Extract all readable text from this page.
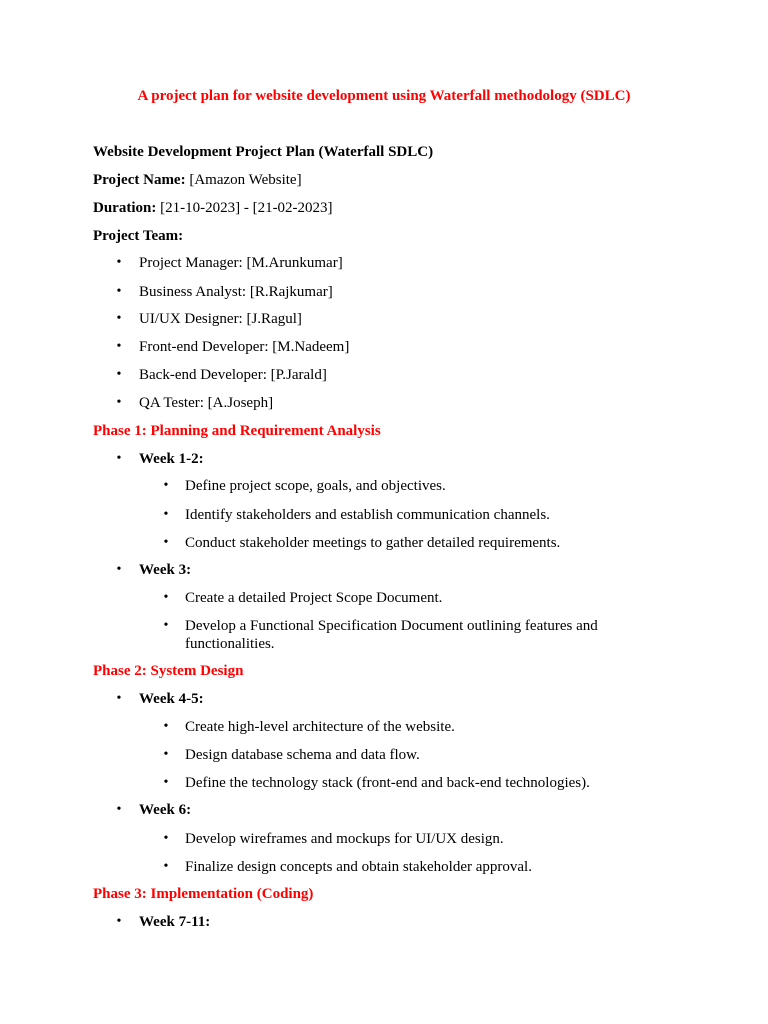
A project plan for website development using Waterfall methodology (SDLC)

Website Development Project Plan (Waterfall SDLC)

Project Name: [Amazon Website]

Duration: [21-10-2023] - [21-02-2023]

Project Team:

• Project Manager: [M.Arunkumar]
• Business Analyst: [R.Rajkumar]
• UI/UX Designer: [J.Ragul]
• Front-end Developer: [M.Nadeem]
• Back-end Developer: [P.Jarald]
• QA Tester: [A.Joseph]

Phase 1: Planning and Requirement Analysis

• Week 1-2:
• Define project scope, goals, and objectives.
• Identify stakeholders and establish communication channels.
• Conduct stakeholder meetings to gather detailed requirements.
• Week 3:
• Create a detailed Project Scope Document.
• Develop a Functional Specification Document outlining features and functionalities.

Phase 2: System Design

• Week 4-5:
• Create high-level architecture of the website.
• Design database schema and data flow.
• Define the technology stack (front-end and back-end technologies).
• Week 6:
• Develop wireframes and mockups for UI/UX design.
• Finalize design concepts and obtain stakeholder approval.

Phase 3: Implementation (Coding)

• Week 7-11:
